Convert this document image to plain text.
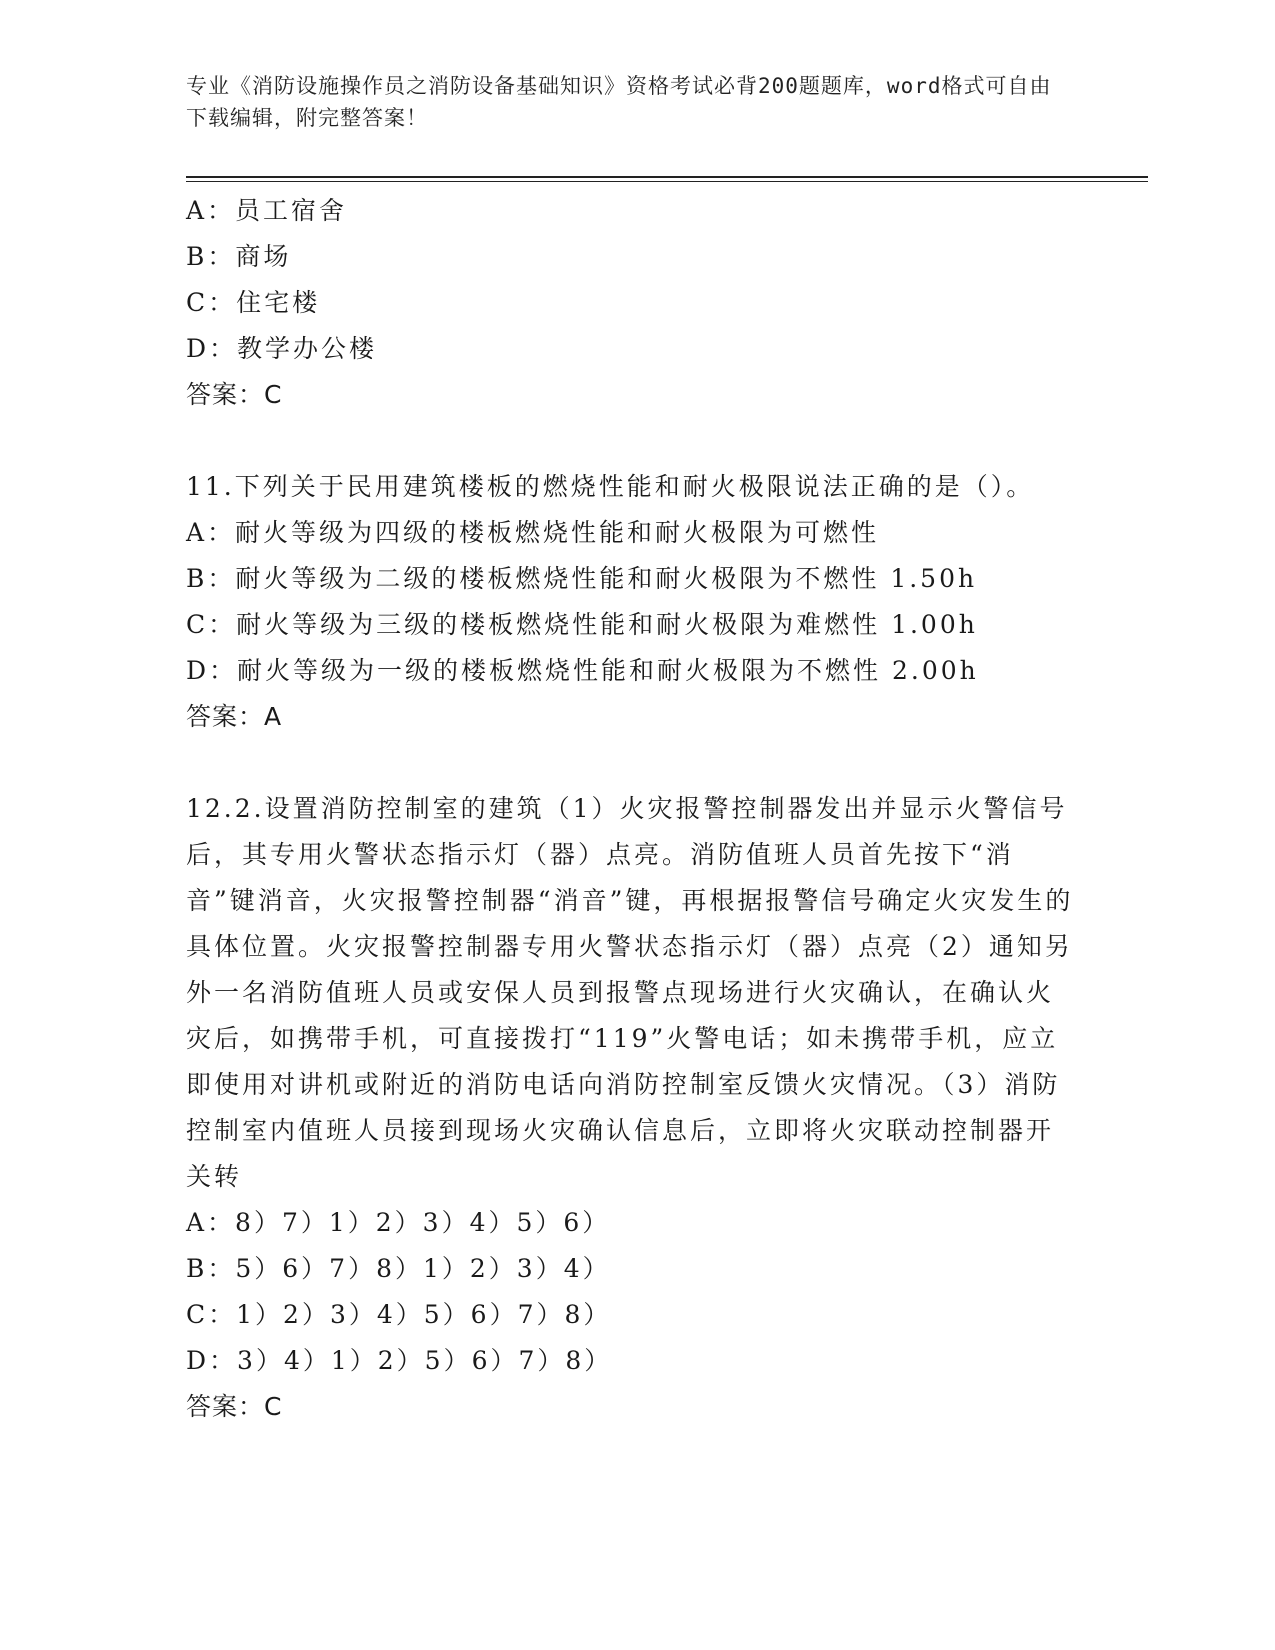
专业《消防设施操作员之消防设备基础知识》资格考试必背200题题库，word格式可自由下载编辑，附完整答案！
A：员工宿舍
B：商场
C：住宅楼
D：教学办公楼
答案：C
11.下列关于民用建筑楼板的燃烧性能和耐火极限说法正确的是（）。
A：耐火等级为四级的楼板燃烧性能和耐火极限为可燃性
B：耐火等级为二级的楼板燃烧性能和耐火极限为不燃性 1.50h
C：耐火等级为三级的楼板燃烧性能和耐火极限为难燃性 1.00h
D：耐火等级为一级的楼板燃烧性能和耐火极限为不燃性 2.00h
答案：A
12.2.设置消防控制室的建筑（1）火灾报警控制器发出并显示火警信号后，其专用火警状态指示灯（器）点亮。消防值班人员首先按下“消音”键消音，火灾报警控制器“消音”键，再根据报警信号确定火灾发生的具体位置。火灾报警控制器专用火警状态指示灯（器）点亮（2）通知另外一名消防值班人员或安保人员到报警点现场进行火灾确认，在确认火灾后，如携带手机，可直接拨打“119”火警电话；如未携带手机，应立即使用对讲机或附近的消防电话向消防控制室反馈火灾情况。（3）消防控制室内值班人员接到现场火灾确认信息后，立即将火灾联动控制器开关转
A：8）7）1）2）3）4）5）6）
B：5）6）7）8）1）2）3）4）
C：1）2）3）4）5）6）7）8）
D：3）4）1）2）5）6）7）8）
答案：C
